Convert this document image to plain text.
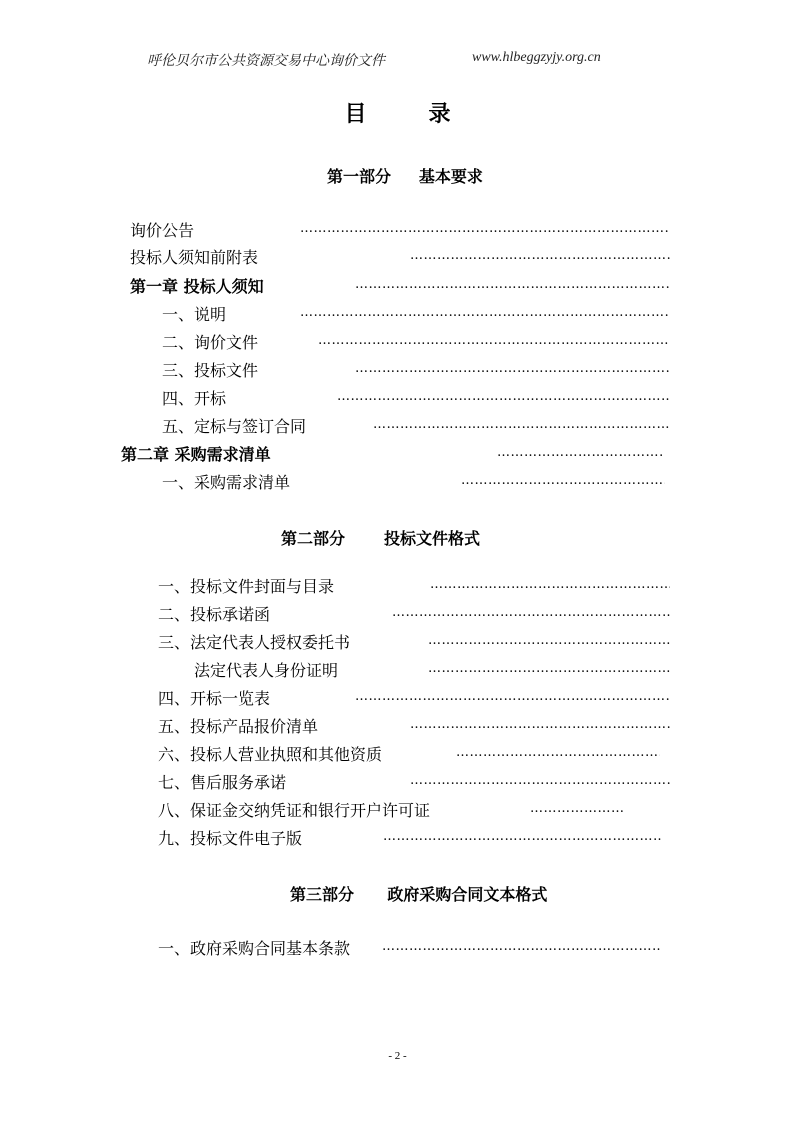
呼伦贝尔市公共资源交易中心询价文件	www.hlbeggzyjy.org.cn
目	录
第一部分     基本要求
询价公告
………………………………………………………………………………
投标人须知前附表
………………………………………………………………………………
第一章 投标人须知
………………………………………………………………………………
一、说明
………………………………………………………………………………
二、询价文件
………………………………………………………………………………
三、投标文件
………………………………………………………………………………
四、开标
………………………………………………………………………………
五、定标与签订合同
………………………………………………………………………………
第二章 采购需求清单
………………………………………………………………………………
一、采购需求清单
………………………………………………………………………………
第二部分       投标文件格式
一、投标文件封面与目录
………………………………………………………………………………
二、投标承诺函
………………………………………………………………………………
三、法定代表人授权委托书
………………………………………………………………………………
法定代表人身份证明
………………………………………………………………………………
四、开标一览表
………………………………………………………………………………
五、投标产品报价清单
………………………………………………………………………………
六、投标人营业执照和其他资质
………………………………………………………………………………
七、售后服务承诺
………………………………………………………………………………
八、保证金交纳凭证和银行开户许可证
………………………………………………………………………………
九、投标文件电子版
………………………………………………………………………………
第三部分      政府采购合同文本格式
一、政府采购合同基本条款
………………………………………………………………………………
- 2 -
